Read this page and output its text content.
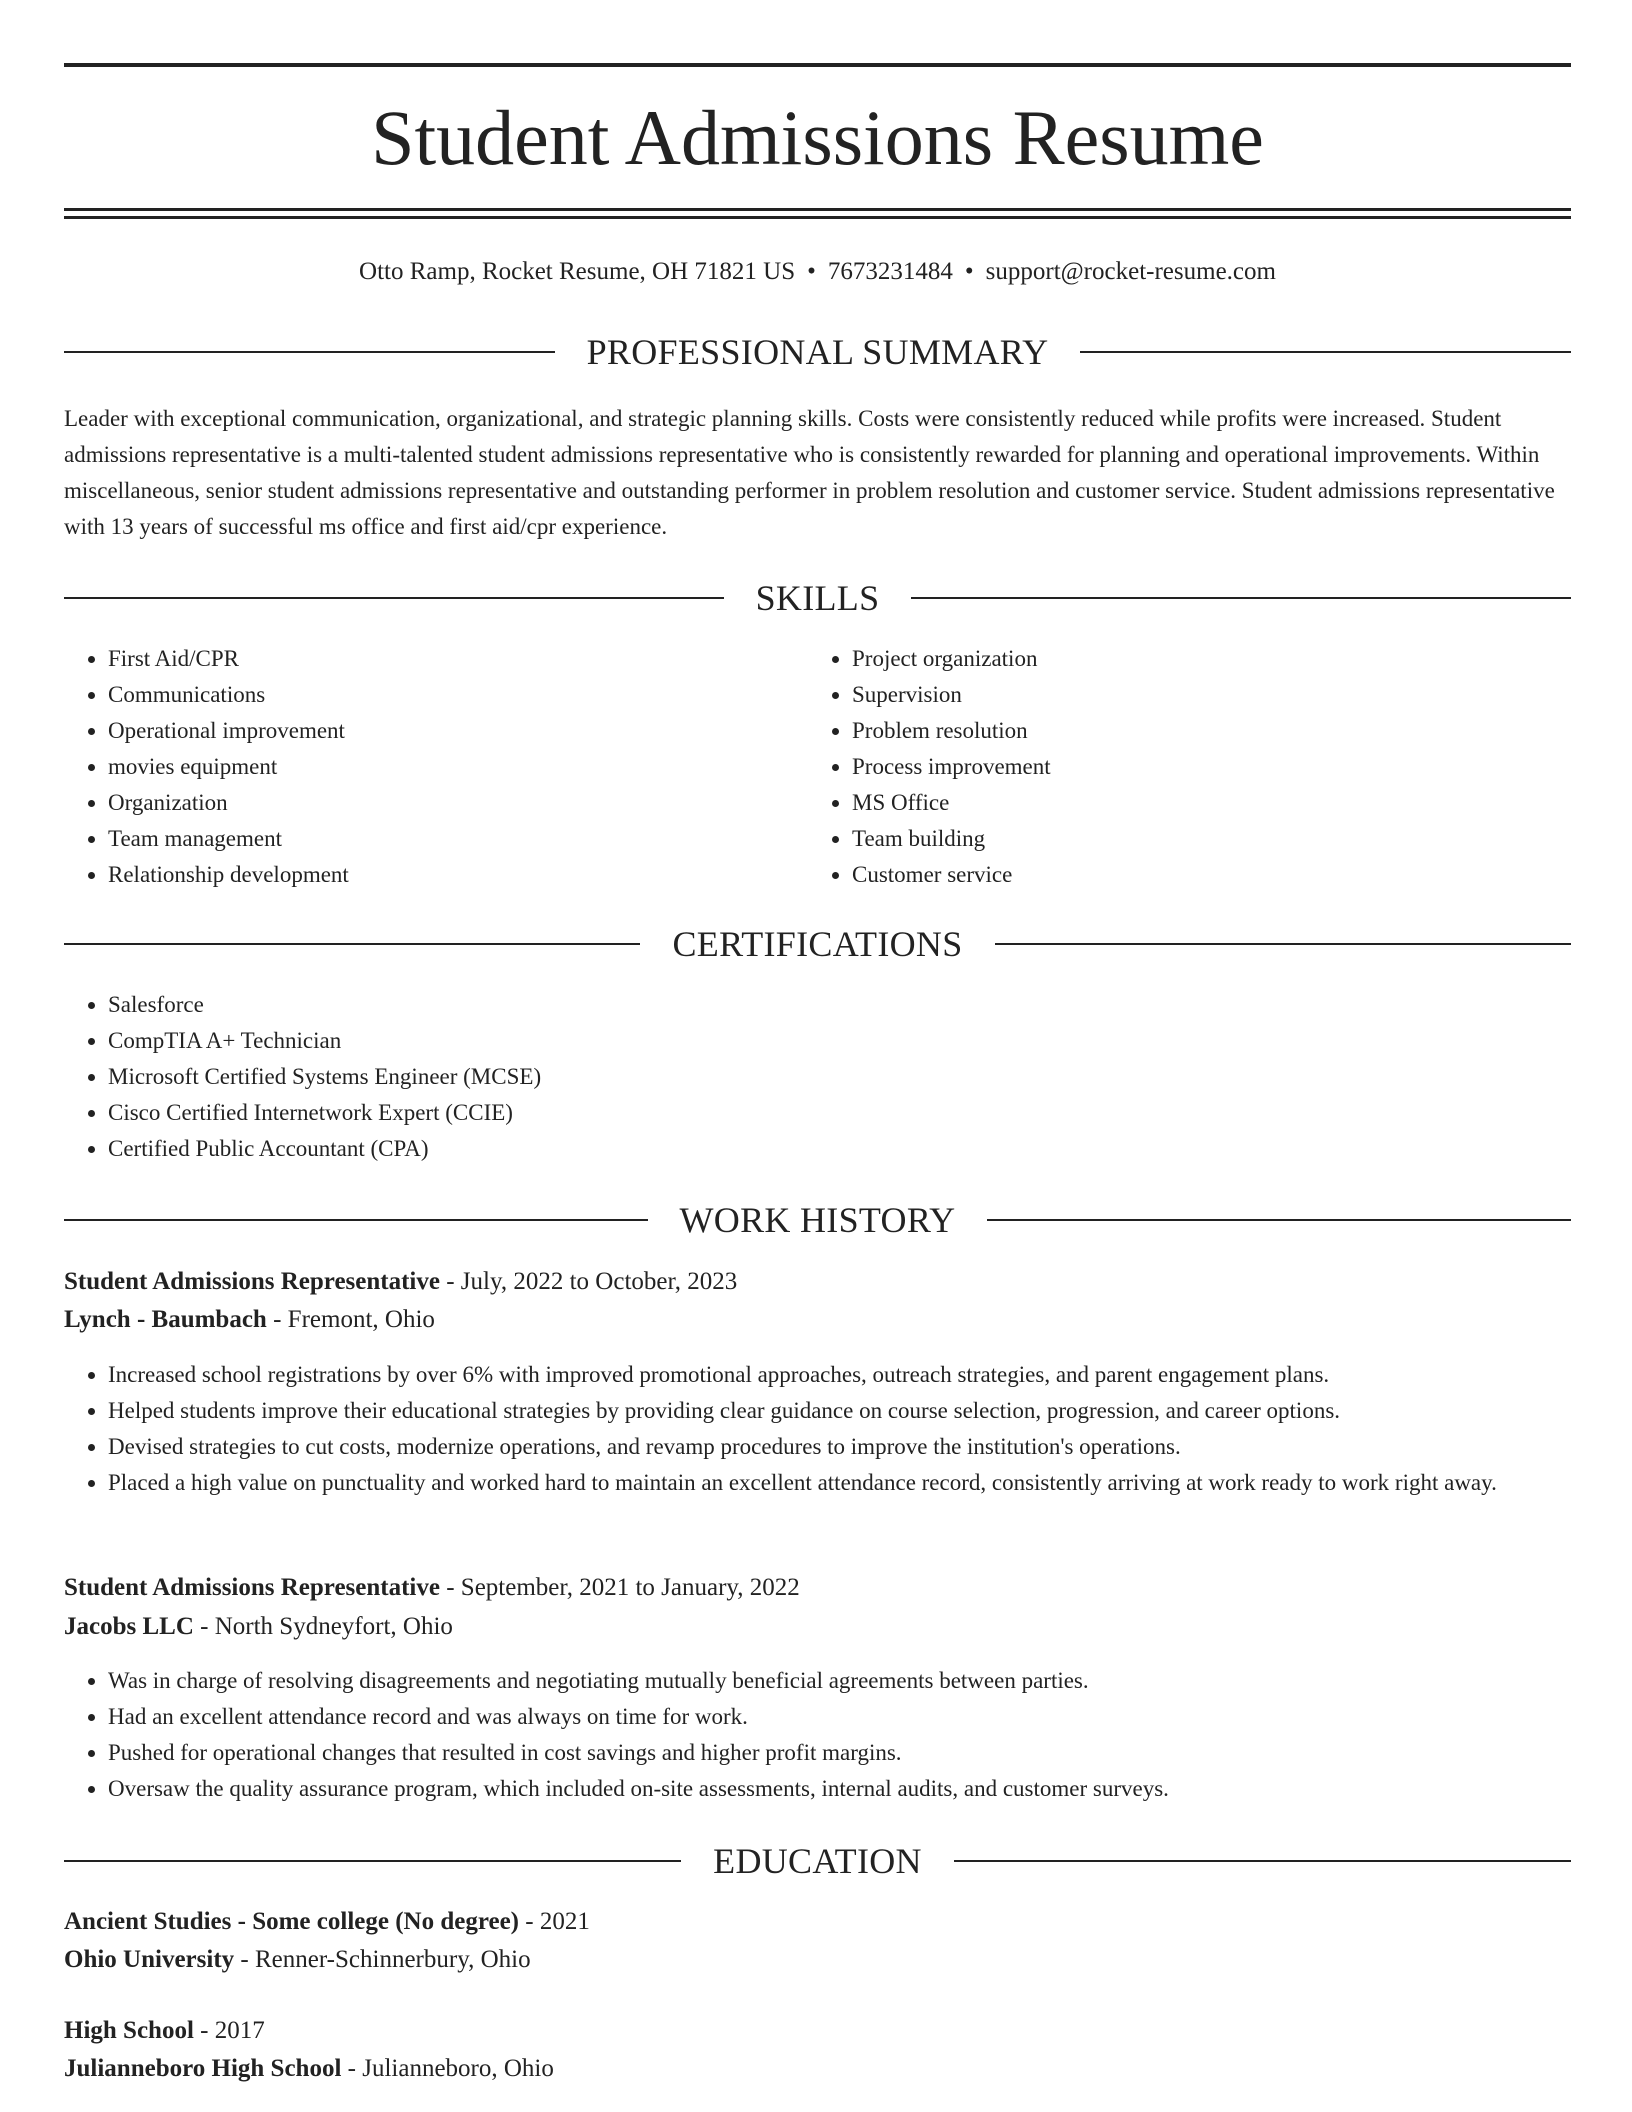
Student Admissions Resume
Otto Ramp, Rocket Resume, OH 71821 US • 7673231484 • support@rocket-resume.com
PROFESSIONAL SUMMARY
Leader with exceptional communication, organizational, and strategic planning skills. Costs were consistently reduced while profits were increased. Student admissions representative is a multi-talented student admissions representative who is consistently rewarded for planning and operational improvements. Within miscellaneous, senior student admissions representative and outstanding performer in problem resolution and customer service. Student admissions representative with 13 years of successful ms office and first aid/cpr experience.
SKILLS
• First Aid/CPR
• Communications
• Operational improvement
• movies equipment
• Organization
• Team management
• Relationship development
• Project organization
• Supervision
• Problem resolution
• Process improvement
• MS Office
• Team building
• Customer service
CERTIFICATIONS
• Salesforce
• CompTIA A+ Technician
• Microsoft Certified Systems Engineer (MCSE)
• Cisco Certified Internetwork Expert (CCIE)
• Certified Public Accountant (CPA)
WORK HISTORY
Student Admissions Representative - July, 2022 to October, 2023
Lynch - Baumbach - Fremont, Ohio
• Increased school registrations by over 6% with improved promotional approaches, outreach strategies, and parent engagement plans.
• Helped students improve their educational strategies by providing clear guidance on course selection, progression, and career options.
• Devised strategies to cut costs, modernize operations, and revamp procedures to improve the institution's operations.
• Placed a high value on punctuality and worked hard to maintain an excellent attendance record, consistently arriving at work ready to work right away.
Student Admissions Representative - September, 2021 to January, 2022
Jacobs LLC - North Sydneyfort, Ohio
• Was in charge of resolving disagreements and negotiating mutually beneficial agreements between parties.
• Had an excellent attendance record and was always on time for work.
• Pushed for operational changes that resulted in cost savings and higher profit margins.
• Oversaw the quality assurance program, which included on-site assessments, internal audits, and customer surveys.
EDUCATION
Ancient Studies - Some college (No degree) - 2021
Ohio University - Renner-Schinnerbury, Ohio
High School - 2017
Julianneboro High School - Julianneboro, Ohio
